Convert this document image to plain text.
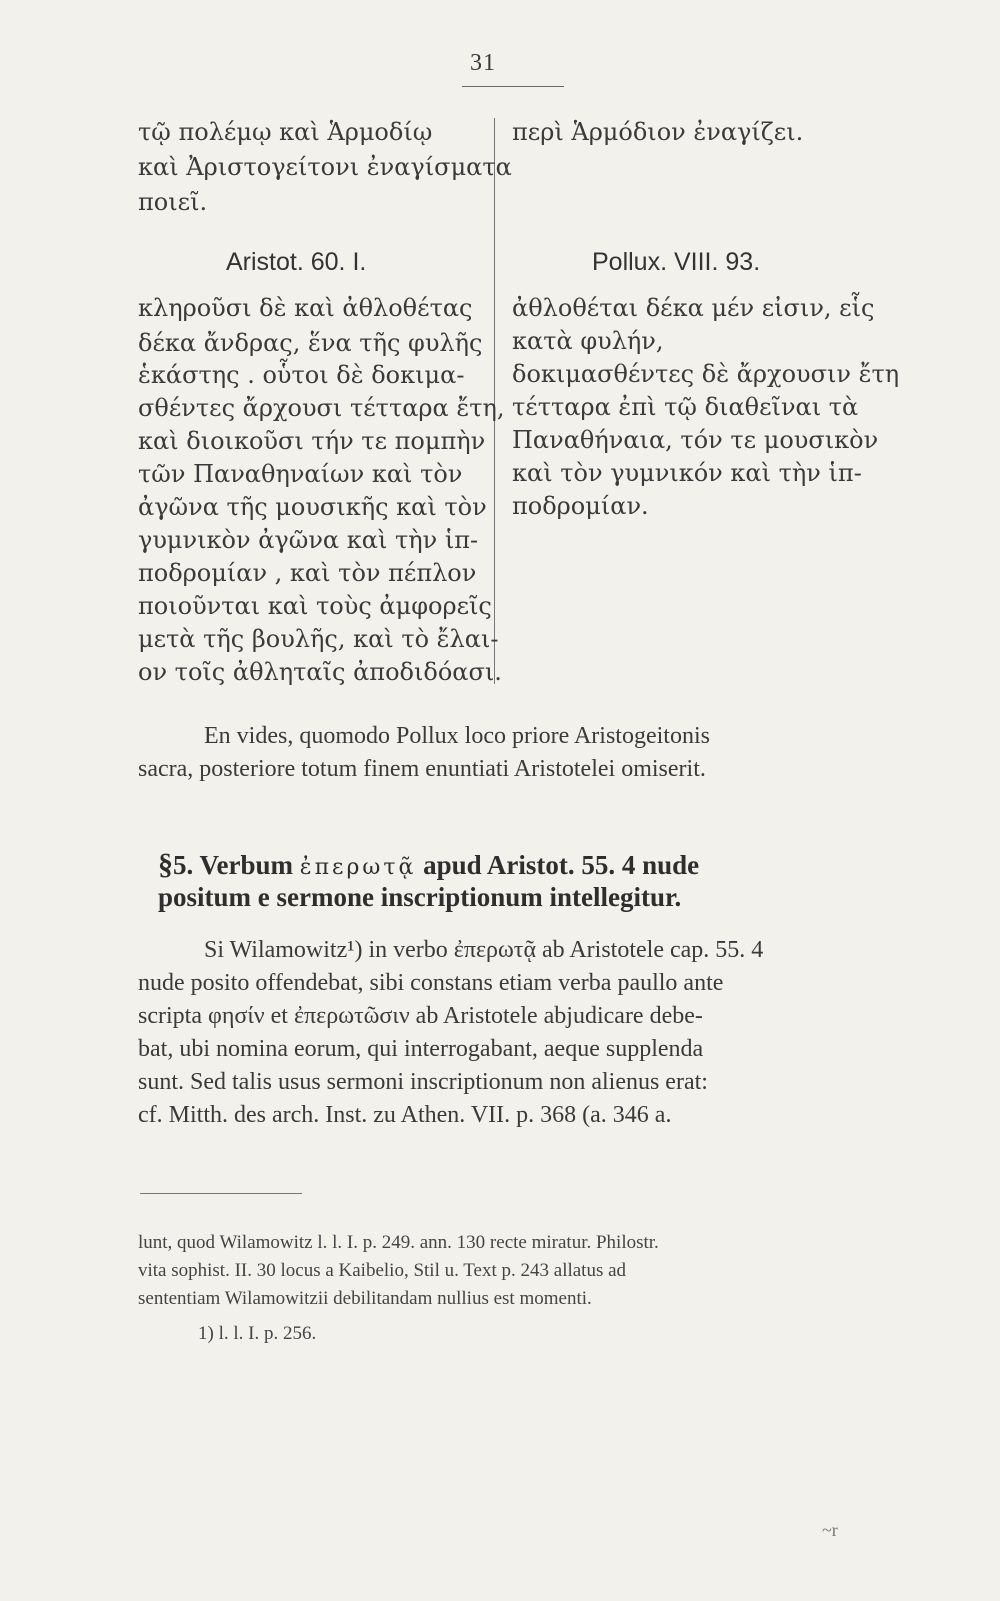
31
τῷ πολέμῳ καὶ Ἁρμοδίῳ
καὶ Ἀριστογείτονι ἐναγίσματα
ποιεῖ.
κληροῦσι δὲ καὶ ἀθλοθέτας
δέκα ἄνδρας, ἕνα τῆς φυλῆς
ἑκάστης . οὗτοι δὲ δοκιμα-
σθέντες ἄρχουσι τέτταρα ἔτη,
καὶ διοικοῦσι τήν τε πομπὴν
τῶν Παναθηναίων καὶ τὸν
ἀγῶνα τῆς μουσικῆς καὶ τὸν
γυμνικὸν ἀγῶνα καὶ τὴν ἱπ-
ποδρομίαν , καὶ τὸν πέπλον
ποιοῦνται καὶ τοὺς ἀμφορεῖς
μετὰ τῆς βουλῆς, καὶ τὸ ἔλαι-
ον τοῖς ἀθληταῖς ἀποδιδόασι.
Aristot. 60. I.
περὶ Ἁρμόδιον ἐναγίζει.
ἀθλοθέται δέκα μέν εἰσιν, εἷς
κατὰ φυλήν,
δοκιμασθέντες δὲ ἄρχουσιν ἔτη
τέτταρα ἐπὶ τῷ διαθεῖναι τὰ
Παναθήναια, τόν τε μουσικὸν
καὶ τὸν γυμνικόν καὶ τὴν ἱπ-
ποδρομίαν.
Pollux. VIII. 93.
En vides, quomodo Pollux loco priore Aristogeitonis
sacra, posteriore totum finem enuntiati Aristotelei omiserit.
§5. Verbum ἐπερωτᾷ apud Aristot. 55. 4 nude
positum e sermone inscriptionum intellegitur.
Si Wilamowitz¹) in verbo ἐπερωτᾷ ab Aristotele cap. 55. 4
nude posito offendebat, sibi constans etiam verba paullo ante
scripta φησίν et ἐπερωτῶσιν ab Aristotele abjudicare debe-
bat, ubi nomina eorum, qui interrogabant, aeque supplenda
sunt. Sed talis usus sermoni inscriptionum non alienus erat:
cf. Mitth. des arch. Inst. zu Athen. VII. p. 368 (a. 346 a.
lunt, quod Wilamowitz l. l. I. p. 249. ann. 130 recte miratur. Philostr.
vita sophist. II. 30 locus a Kaibelio, Stil u. Text p. 243 allatus ad
sententiam Wilamowitzii debilitandam nullius est momenti.
1) l. l. I. p. 256.
~r
